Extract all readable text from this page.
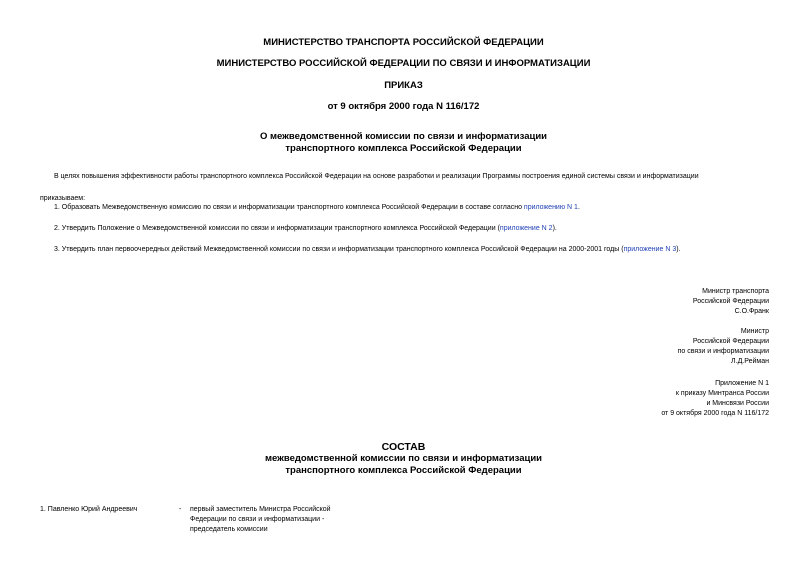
МИНИСТЕРСТВО ТРАНСПОРТА РОССИЙСКОЙ ФЕДЕРАЦИИ
МИНИСТЕРСТВО РОССИЙСКОЙ ФЕДЕРАЦИИ ПО СВЯЗИ И ИНФОРМАТИЗАЦИИ
ПРИКАЗ
от 9 октября 2000 года N 116/172
О межведомственной комиссии по связи и информатизации
транспортного комплекса Российской Федерации
В целях повышения эффективности работы транспортного комплекса Российской Федерации на основе разработки и реализации Программы построения единой системы связи и информатизации
приказываем:
1. Образовать Межведомственную комиссию по связи и информатизации транспортного комплекса Российской Федерации в составе согласно приложению N 1.
2. Утвердить Положение о Межведомственной комиссии по связи и информатизации транспортного комплекса Российской Федерации (приложение N 2).
3. Утвердить план первоочередных действий Межведомственной комиссии по связи и информатизации транспортного комплекса Российской Федерации на 2000-2001 годы (приложение N 3).
Министр транспорта
Российской Федерации
С.О.Франк
Министр
Российской Федерации
по связи и информатизации
Л.Д.Рейман
Приложение N 1
к приказу Минтранса России
и Минсвязи России
от 9 октября 2000 года N 116/172
СОСТАВ
межведомственной комиссии по связи и информатизации
транспортного комплекса Российской Федерации
1. Павленко Юрий Андреевич	- первый заместитель Министра Российской
Федерации по связи и информатизации -
председатель комиссии
